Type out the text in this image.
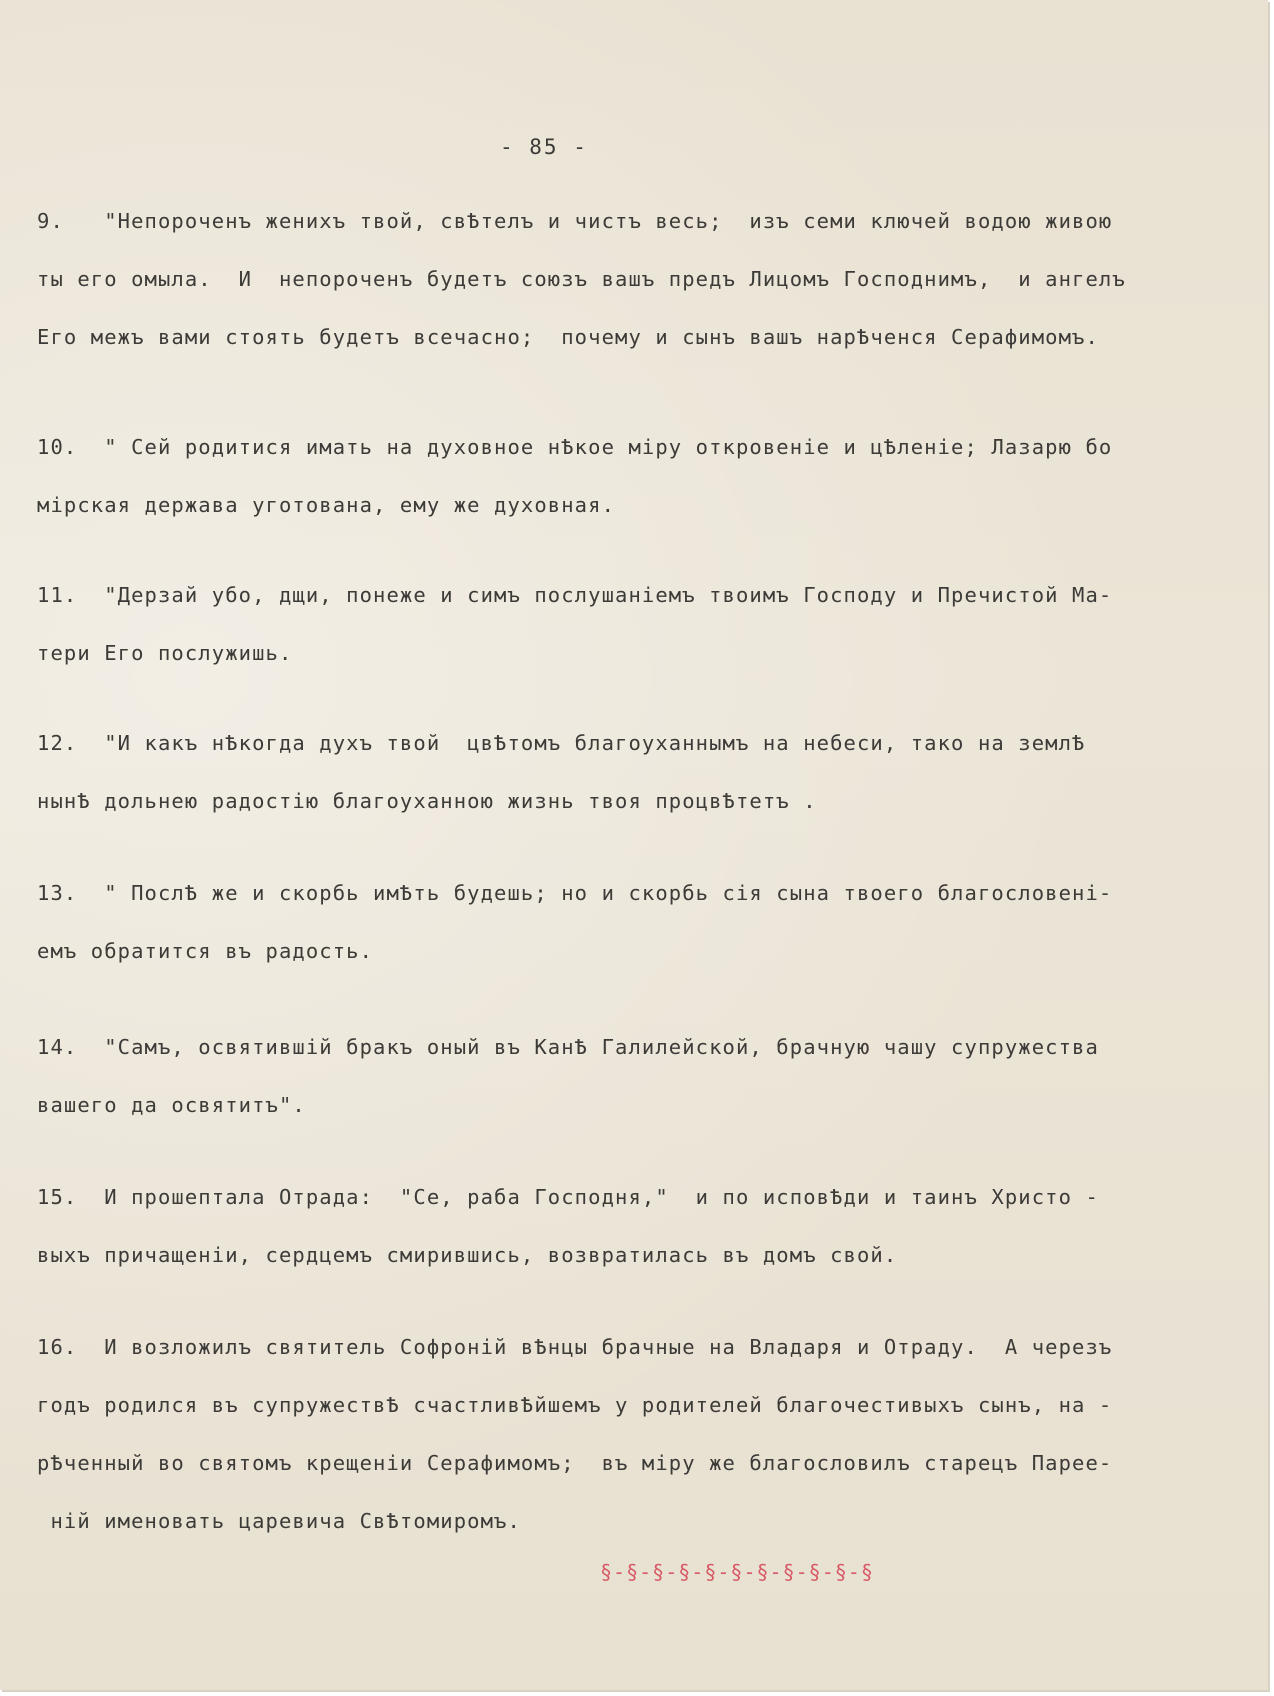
- 85 -
9.   "Непороченъ женихъ твой, свѢтелъ и чистъ весь;  изъ семи ключей водою живою
ты его омыла.  И  непороченъ будетъ союзъ вашъ предъ Лицомъ Господнимъ,  и ангелъ
Его межъ вами стоять будетъ всечасно;  почему и сынъ вашъ нарѢчeнся Серафимомъ.
10.  " Сей родитися имать на духовное нѢкое мiру откровенiе и цѢленiе; Лазарю бо
мiрская держава уготована, ему же духовная.
11.  "Дерзай убо, дщи, понеже и симъ послушанiемъ твоимъ Господу и Пречистой Ма-
тери Его послужишь.
12.  "И какъ нѢкогда духъ твой  цвѢтомъ благоуханнымъ на небеси, тако на землѢ
нынѢ дольнею радостiю благоуханною жизнь твоя процвѢтетъ .
13.  " ПослѢ же и скорбь имѢть будешь; но и скорбь сiя сына твоего благословенi-
емъ обратится въ радость.
14.  "Самъ, освятившiй бракъ оный въ КанѢ Галилейской, брачную чашу супружества
вашего да освятитъ".
15.  И прошептала Отрада:  "Се, раба Господня,"  и по исповѢди и таинъ Христо -
выхъ причащенiи, сердцемъ смирившись, возвратилась въ домъ свой.
16.  И возложилъ святитель Софронiй вѢнцы брачные на Владаря и Отраду.  А черезъ
годъ родился въ супружествѢ счастливѢйшемъ у родителей благочестивыхъ сынъ, на -
рѢченный во святомъ крещенiи Серафимомъ;  въ мiру же благословилъ старецъ Парее-
нiй именовать царевича СвѢтомиромъ.
§-§-§-§-§-§-§-§-§-§-§
